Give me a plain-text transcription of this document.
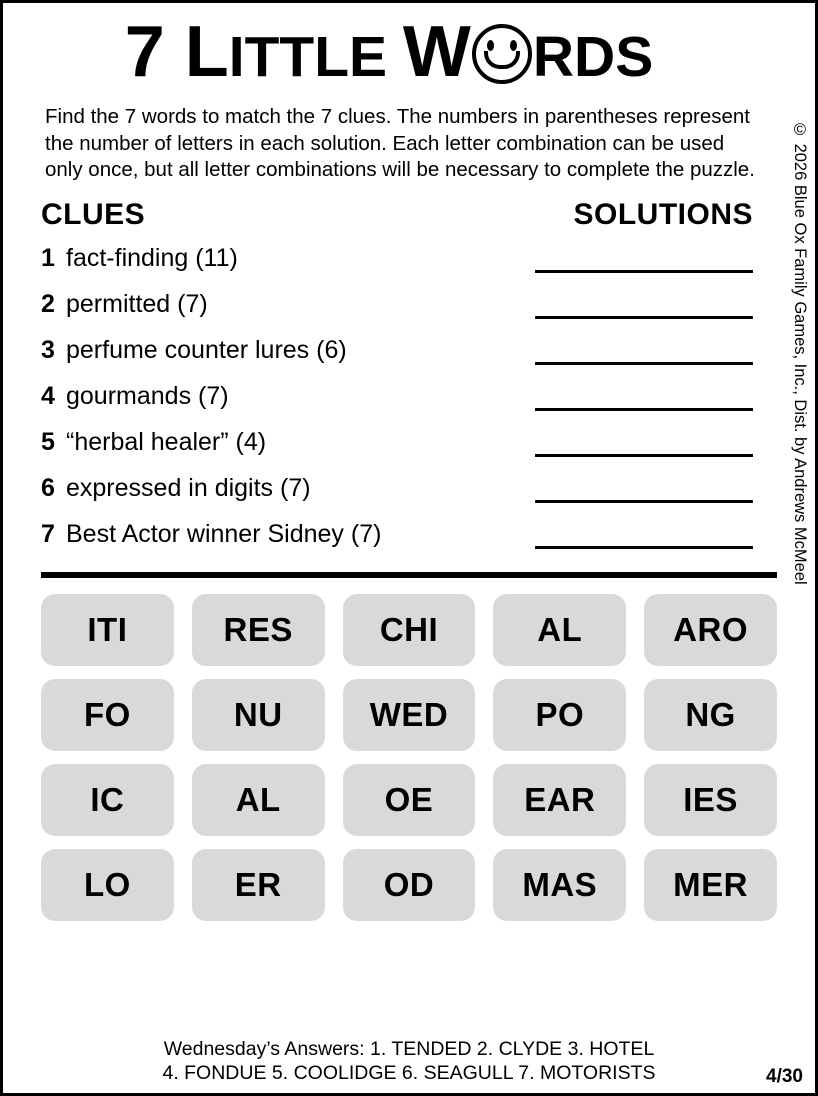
7 LITTLE W RDS
Find the 7 words to match the 7 clues. The numbers in parentheses represent the number of letters in each solution. Each letter combination can be used only once, but all letter combinations will be necessary to complete the puzzle.
CLUES	SOLUTIONS
1 fact-finding (11)
2 permitted (7)
3 perfume counter lures (6)
4 gourmands (7)
5 “herbal healer” (4)
6 expressed in digits (7)
7 Best Actor winner Sidney (7)
ITI	RES	CHI	AL	ARO
FO	NU	WED	PO	NG
IC	AL	OE	EAR	IES
LO	ER	OD	MAS	MER
Wednesday’s Answers: 1. TENDED 2. CLYDE 3. HOTEL
4. FONDUE 5. COOLIDGE 6. SEAGULL 7. MOTORISTS	4/30
© 2026 Blue Ox Family Games, Inc., Dist. by Andrews McMeel
